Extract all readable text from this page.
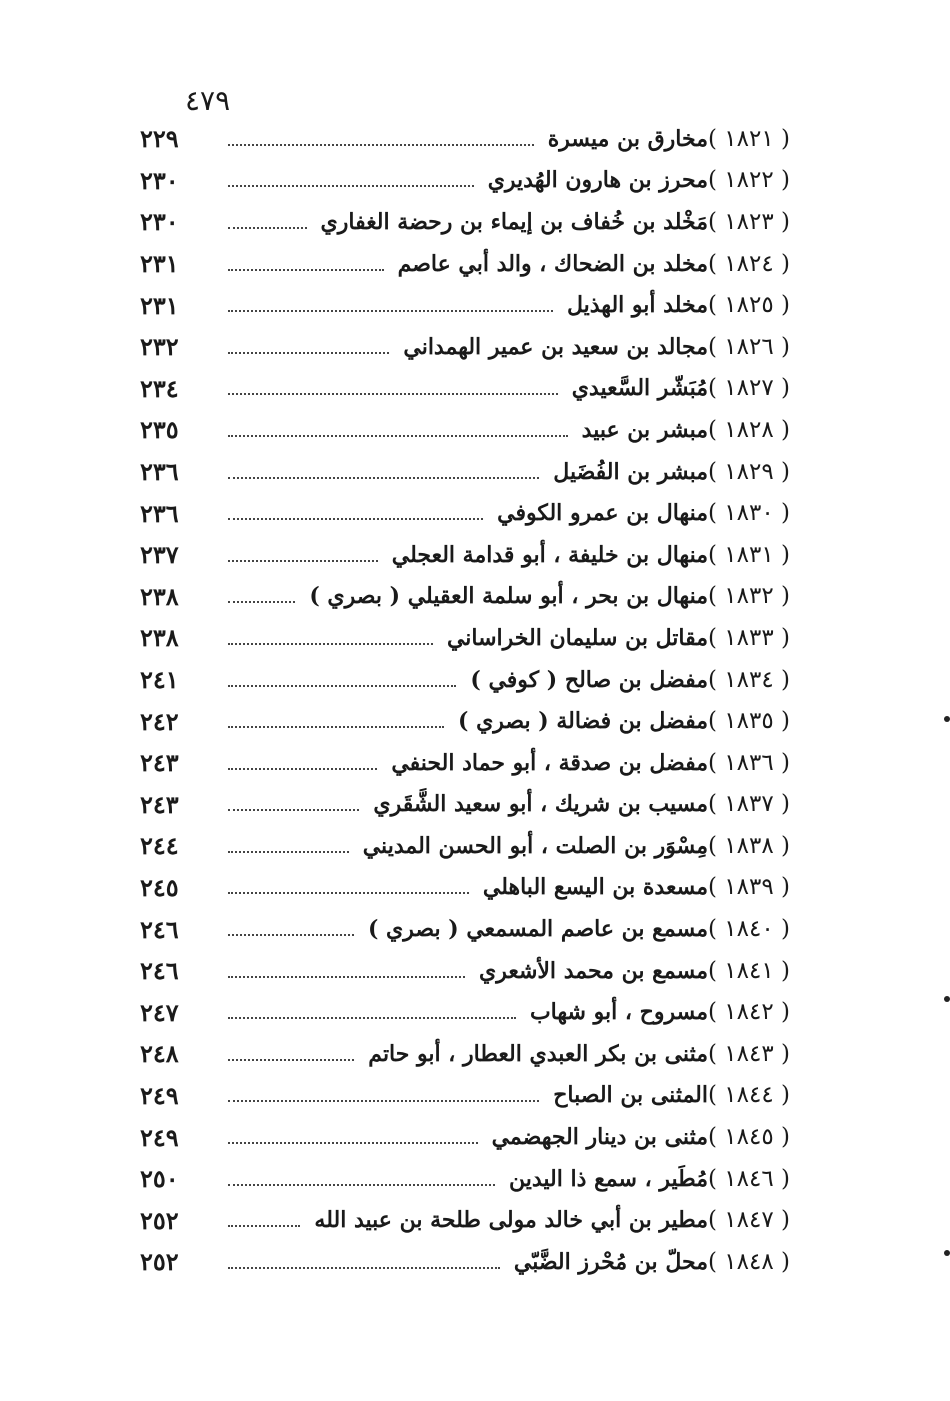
٤٧٩
( ١٨٢١ )
مخارق بن ميسرة
٢٢٩
( ١٨٢٢ )
محرز بن هارون الهُديري
٢٣٠
( ١٨٢٣ )
مَخْلد بن خُفاف بن إيماء بن رحضة الغفاري
٢٣٠
( ١٨٢٤ )
مخلد بن الضحاك ، والد أبي عاصم
٢٣١
( ١٨٢٥ )
مخلد أبو الهذيل
٢٣١
( ١٨٢٦ )
مجالد بن سعيد بن عمير الهمداني
٢٣٢
( ١٨٢٧ )
مُبَشّر السَّعيدي
٢٣٤
( ١٨٢٨ )
مبشر بن عبيد
٢٣٥
( ١٨٢٩ )
مبشر بن الفُضَيل
٢٣٦
( ١٨٣٠ )
منهال بن عمرو الكوفي
٢٣٦
( ١٨٣١ )
منهال بن خليفة ، أبو قدامة العجلي
٢٣٧
( ١٨٣٢ )
منهال بن بحر ، أبو سلمة العقيلي ( بصري )
٢٣٨
( ١٨٣٣ )
مقاتل بن سليمان الخراساني
٢٣٨
( ١٨٣٤ )
مفضل بن صالح ( كوفي )
٢٤١
( ١٨٣٥ )
مفضل بن فضالة ( بصري )
٢٤٢
( ١٨٣٦ )
مفضل بن صدقة ، أبو حماد الحنفي
٢٤٣
( ١٨٣٧ )
مسيب بن شريك ، أبو سعيد الشَّقَري
٢٤٣
( ١٨٣٨ )
مِسْوَر بن الصلت ، أبو الحسن المديني
٢٤٤
( ١٨٣٩ )
مسعدة بن اليسع الباهلي
٢٤٥
( ١٨٤٠ )
مسمع بن عاصم المسمعي ( بصري )
٢٤٦
( ١٨٤١ )
مسمع بن محمد الأشعري
٢٤٦
( ١٨٤٢ )
مسروح ، أبو شهاب
٢٤٧
( ١٨٤٣ )
مثنى بن بكر العبدي العطار ، أبو حاتم
٢٤٨
( ١٨٤٤ )
المثنى بن الصباح
٢٤٩
( ١٨٤٥ )
مثنى بن دينار الجهضمي
٢٤٩
( ١٨٤٦ )
مُطَير ، سمع ذا اليدين
٢٥٠
( ١٨٤٧ )
مطير بن أبي خالد مولى طلحة بن عبيد الله
٢٥٢
( ١٨٤٨ )
محلّ بن مُحْرز الضَّبّي
٢٥٢
